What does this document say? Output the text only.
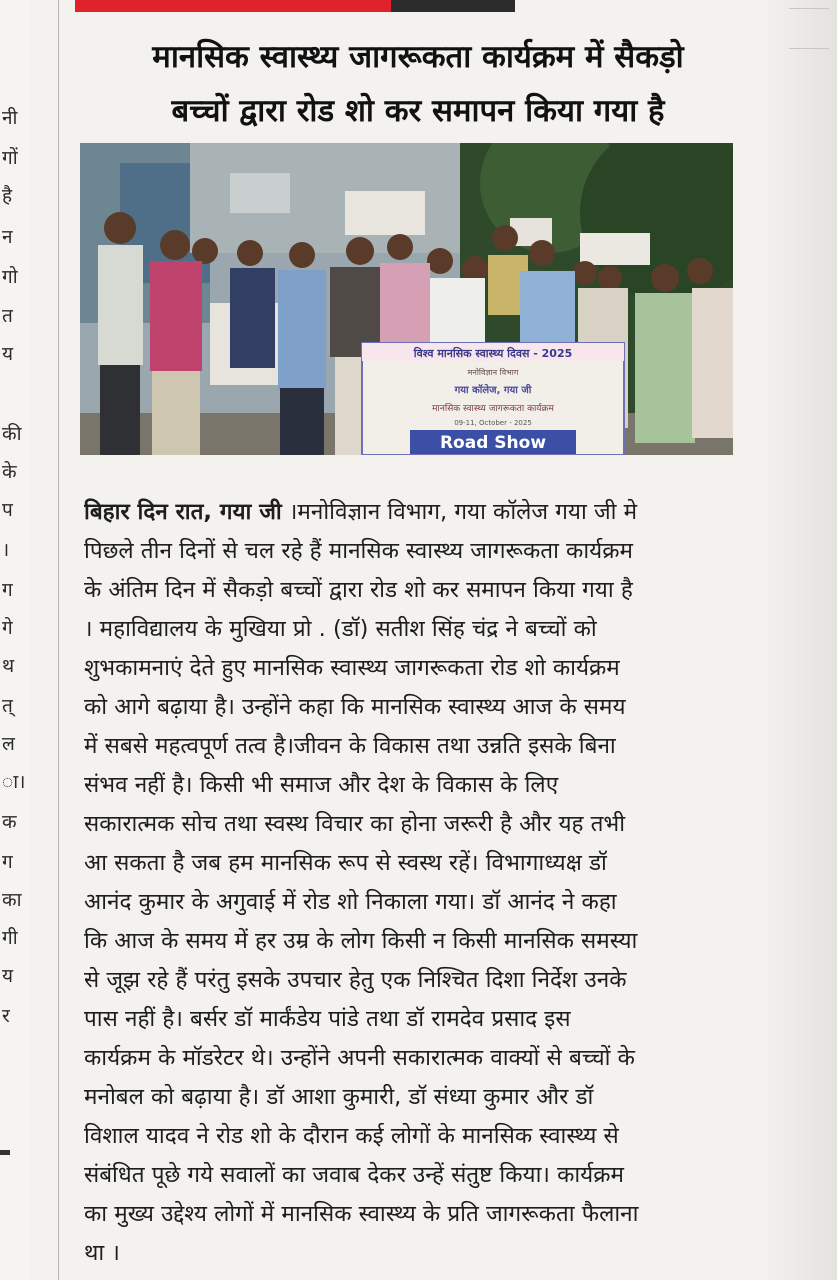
नी
गों
है
न
गो
त
य
की
के
प
।
ग
गे
थ
त्
ल
ा।
क
ग
का
गी
य
र
मानसिक स्वास्थ्य जागरूकता कार्यक्रम में सैकड़ो
बच्चों द्वारा रोड शो कर समापन किया गया है
विश्व मानसिक स्वास्थ्य दिवस - 2025
मनोविज्ञान विभाग
गया कॉलेज, गया जी
मानसिक स्वास्थ्य जागरूकता कार्यक्रम
09-11, October - 2025
Road Show
बिहार दिन रात, गया जी ।मनोविज्ञान विभाग, गया कॉलेज गया जी मे
पिछले तीन दिनों से चल रहे हैं मानसिक स्वास्थ्य जागरूकता कार्यक्रम
के अंतिम दिन में सैकड़ो बच्चों द्वारा रोड शो कर समापन किया गया है
। महाविद्यालय के मुखिया प्रो . (डॉ) सतीश सिंह चंद्र ने बच्चों को
शुभकामनाएं देते हुए मानसिक स्वास्थ्य जागरूकता रोड शो कार्यक्रम
को आगे बढ़ाया है। उन्होंने कहा कि मानसिक स्वास्थ्य आज के समय
में सबसे महत्वपूर्ण तत्व है।जीवन के विकास तथा उन्नति इसके बिना
संभव नहीं है। किसी भी समाज और देश के विकास के लिए
सकारात्मक सोच तथा स्वस्थ विचार का होना जरूरी है और यह तभी
आ सकता है जब हम मानसिक रूप से स्वस्थ रहें। विभागाध्यक्ष डॉ
आनंद कुमार के अगुवाई में रोड शो निकाला गया। डॉ आनंद ने कहा
कि आज के समय में हर उम्र के लोग किसी न किसी मानसिक समस्या
से जूझ रहे हैं परंतु इसके उपचार हेतु एक निश्चित दिशा निर्देश उनके
पास नहीं है। बर्सर डॉ मार्कंडेय पांडे तथा डॉ रामदेव प्रसाद इस
कार्यक्रम के मॉडरेटर थे। उन्होंने अपनी सकारात्मक वाक्यों से बच्चों के
मनोबल को बढ़ाया है। डॉ आशा कुमारी, डॉ संध्या कुमार और डॉ
विशाल यादव ने रोड शो के दौरान कई लोगों के मानसिक स्वास्थ्य से
संबंधित पूछे गये सवालों का जवाब देकर उन्हें संतुष्ट किया। कार्यक्रम
का मुख्य उद्देश्य लोगों में मानसिक स्वास्थ्य के प्रति जागरूकता फैलाना
था ।
